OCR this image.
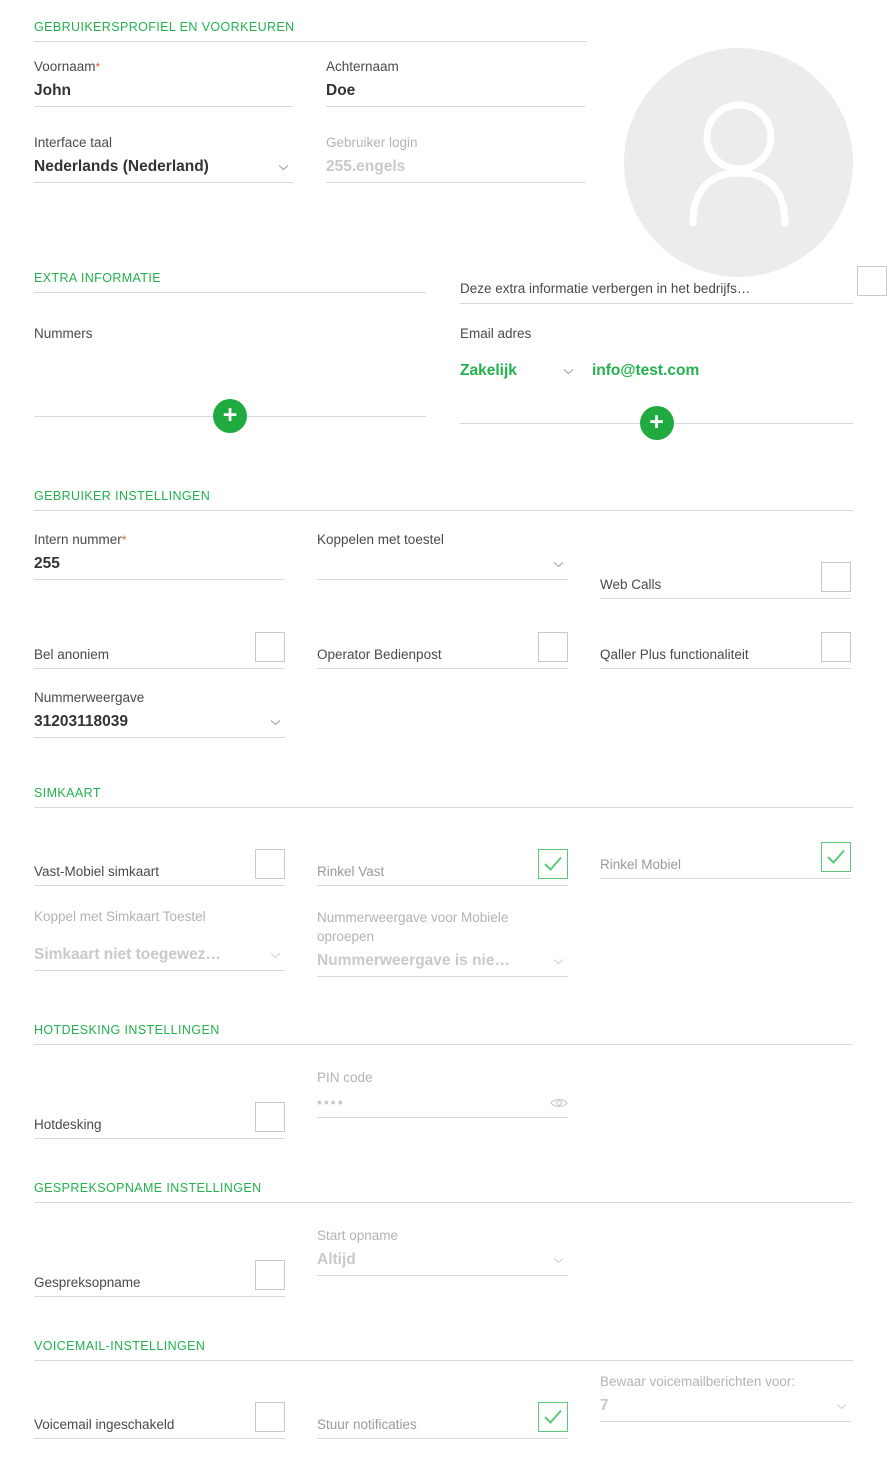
GEBRUIKERSPROFIEL EN VOORKEUREN
Voornaam*
John
Interface taal
Nederlands (Nederland)
Achternaam
Doe
Gebruiker login
255.engels
EXTRA INFORMATIE
Deze extra informatie verbergen in het bedrijfs…
Nummers
+
Email adres
Zakelijk	info@test.com
+
GEBRUIKER INSTELLINGEN
Intern nummer*
255
Koppelen met toestel

Web Calls
Bel anoniem	Operator Bedienpost	Qaller Plus functionaliteit
Nummerweergave
31203118039
SIMKAART
Vast-Mobiel simkaart	Rinkel Vast	Rinkel Mobiel
Koppel met Simkaart Toestel
Simkaart niet toegewez…
Nummerweergave voor Mobiele oproepen
Nummerweergave is nie…
HOTDESKING INSTELLINGEN
Hotdesking
PIN code
••••
GESPREKSOPNAME INSTELLINGEN
Gespreksopname
Start opname
Altijd
VOICEMAIL-INSTELLINGEN
Voicemail ingeschakeld	Stuur notificaties
Bewaar voicemailberichten voor:
7
